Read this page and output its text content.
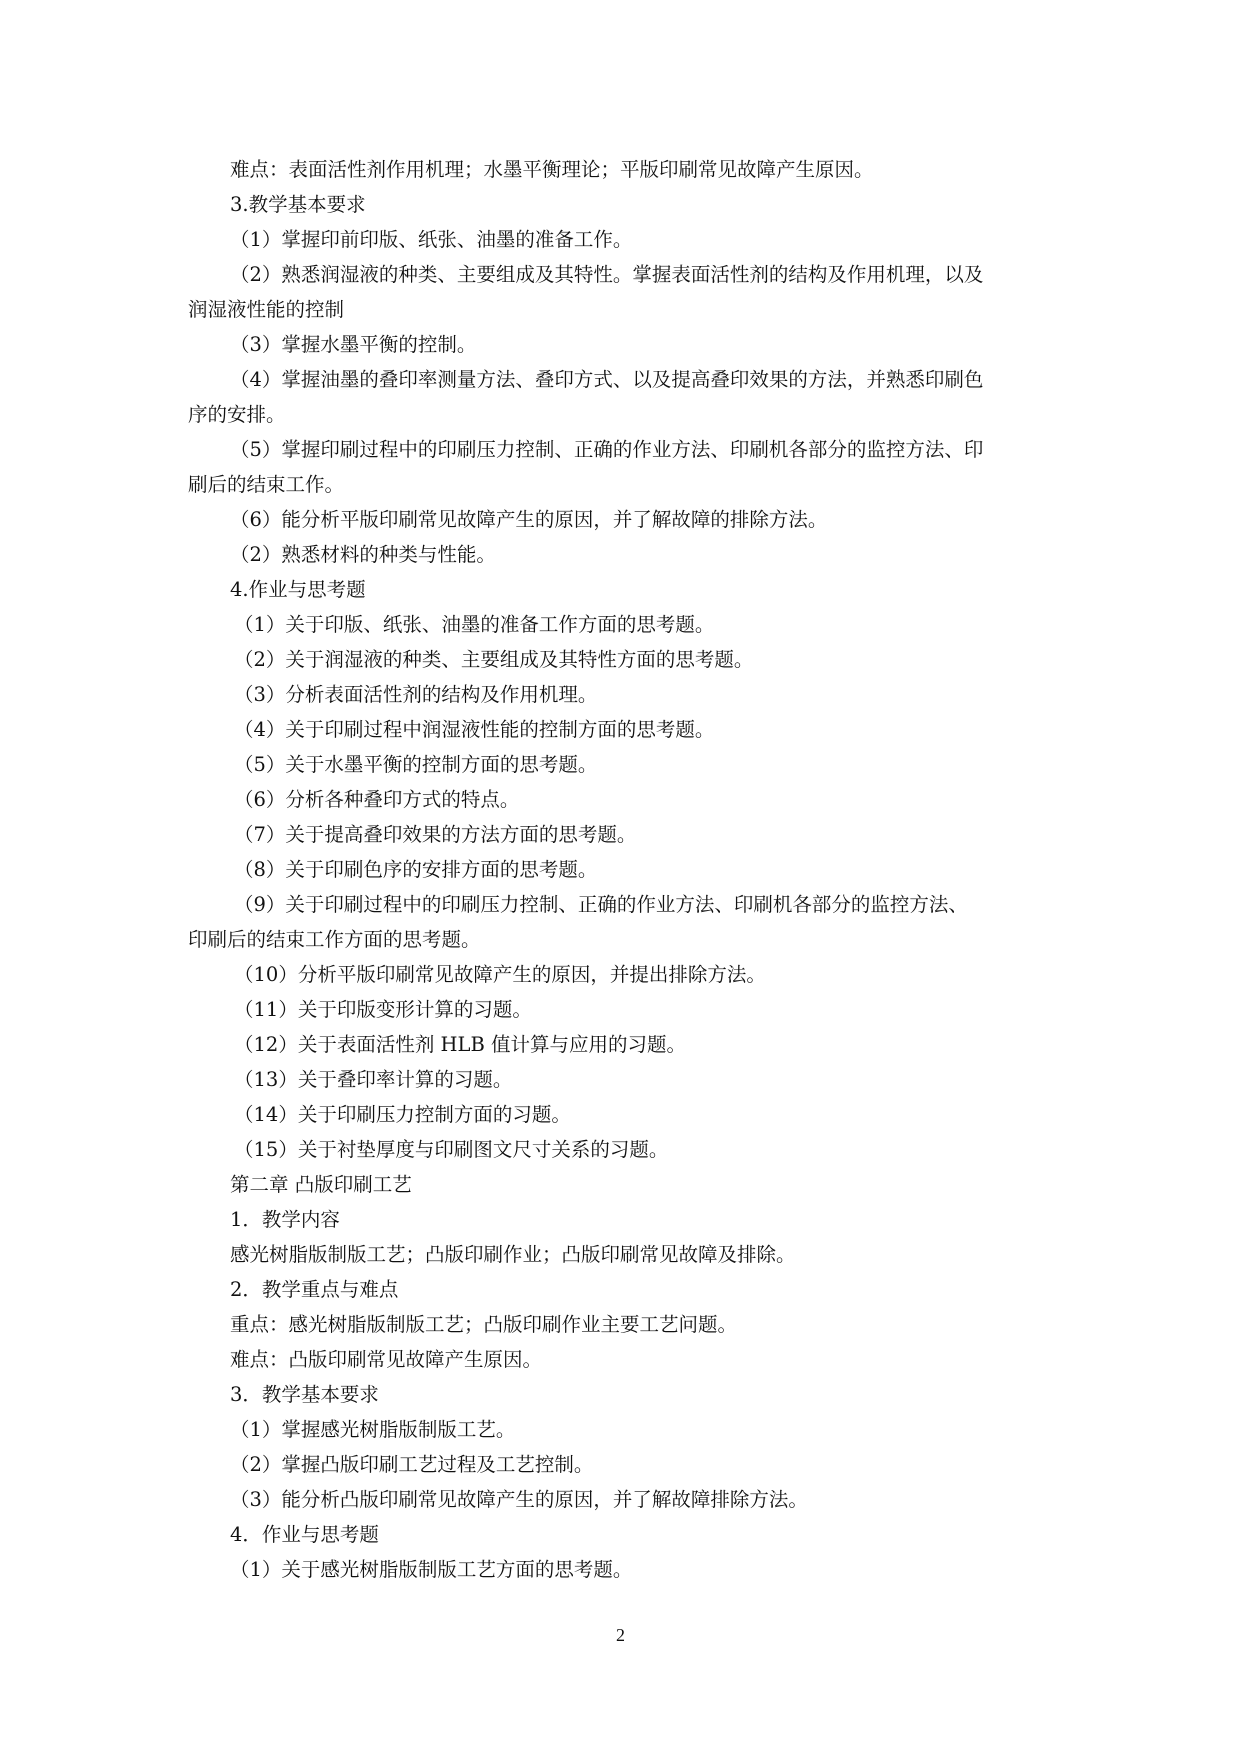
难点：表面活性剂作用机理；水墨平衡理论；平版印刷常见故障产生原因。

3.教学基本要求

（1）掌握印前印版、纸张、油墨的准备工作。

（2）熟悉润湿液的种类、主要组成及其特性。掌握表面活性剂的结构及作用机理，以及

润湿液性能的控制

（3）掌握水墨平衡的控制。

（4）掌握油墨的叠印率测量方法、叠印方式、以及提高叠印效果的方法，并熟悉印刷色

序的安排。

（5）掌握印刷过程中的印刷压力控制、正确的作业方法、印刷机各部分的监控方法、印

刷后的结束工作。

（6）能分析平版印刷常见故障产生的原因，并了解故障的排除方法。

（2）熟悉材料的种类与性能。

4.作业与思考题

（1）关于印版、纸张、油墨的准备工作方面的思考题。

（2）关于润湿液的种类、主要组成及其特性方面的思考题。

（3）分析表面活性剂的结构及作用机理。

（4）关于印刷过程中润湿液性能的控制方面的思考题。

（5）关于水墨平衡的控制方面的思考题。

（6）分析各种叠印方式的特点。

（7）关于提高叠印效果的方法方面的思考题。

（8）关于印刷色序的安排方面的思考题。

（9）关于印刷过程中的印刷压力控制、正确的作业方法、印刷机各部分的监控方法、

印刷后的结束工作方面的思考题。

（10）分析平版印刷常见故障产生的原因，并提出排除方法。

（11）关于印版变形计算的习题。

（12）关于表面活性剂 HLB 值计算与应用的习题。

（13）关于叠印率计算的习题。

（14）关于印刷压力控制方面的习题。

（15）关于衬垫厚度与印刷图文尺寸关系的习题。

第二章 凸版印刷工艺

1．教学内容

感光树脂版制版工艺；凸版印刷作业；凸版印刷常见故障及排除。

2．教学重点与难点

重点：感光树脂版制版工艺；凸版印刷作业主要工艺问题。

难点：凸版印刷常见故障产生原因。

3．教学基本要求

（1）掌握感光树脂版制版工艺。

（2）掌握凸版印刷工艺过程及工艺控制。

（3）能分析凸版印刷常见故障产生的原因，并了解故障排除方法。

4．作业与思考题

（1）关于感光树脂版制版工艺方面的思考题。

2
